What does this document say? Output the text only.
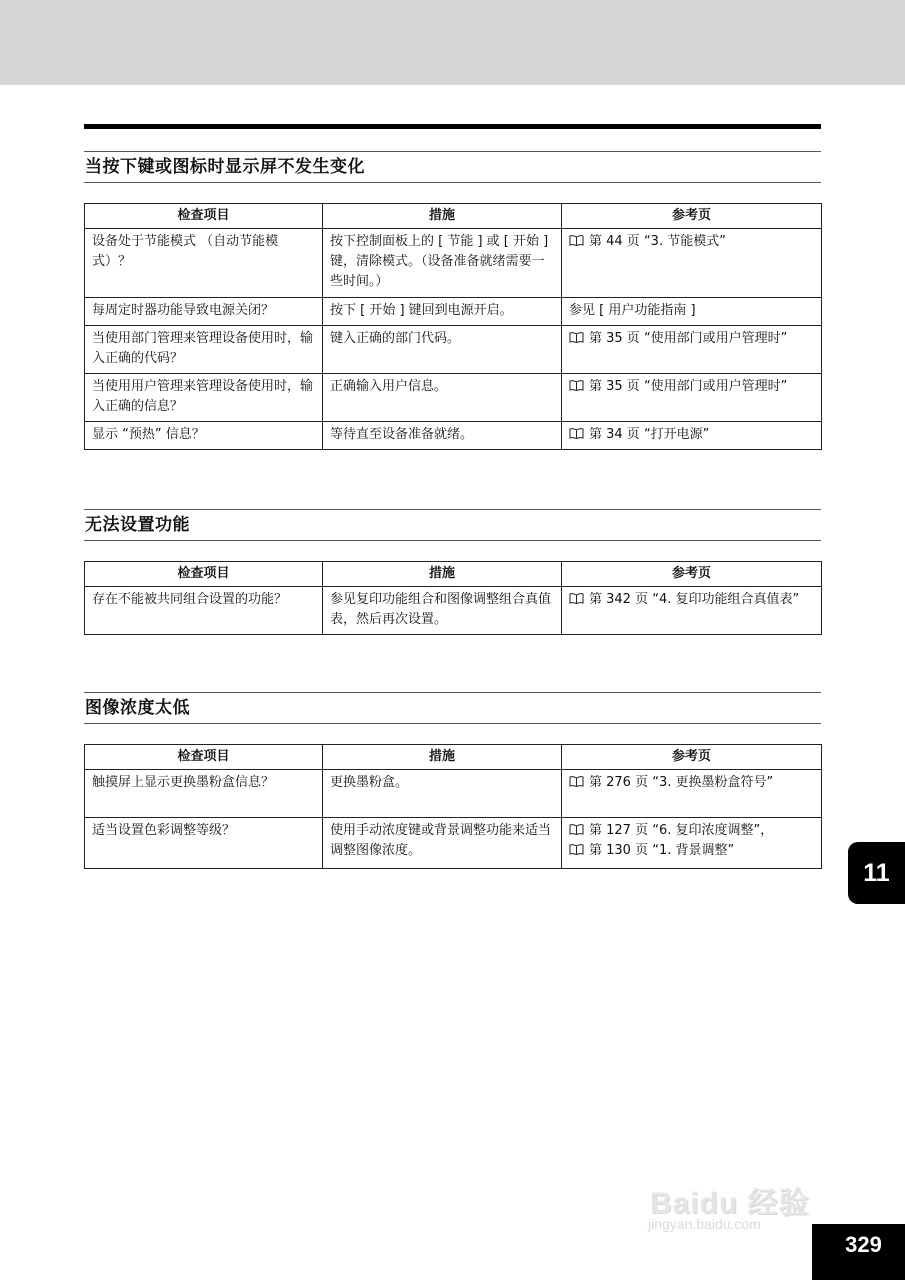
当按下键或图标时显示屏不发生变化
检查项目	措施	参考页
设备处于节能模式 （自动节能模式）？	按下控制面板上的 [ 节能 ] 或 [ 开始 ] 键，清除模式。（设备准备就绪需要一些时间。）	第 44 页 “3. 节能模式”
每周定时器功能导致电源关闭？	按下 [ 开始 ] 键回到电源开启。	参见 [ 用户功能指南 ]
当使用部门管理来管理设备使用时，输入正确的代码？	键入正确的部门代码。	第 35 页 “使用部门或用户管理时”
当使用用户管理来管理设备使用时，输入正确的信息？	正确输入用户信息。	第 35 页 “使用部门或用户管理时”
显示 “预热” 信息？	等待直至设备准备就绪。	第 34 页 “打开电源”
无法设置功能
检查项目	措施	参考页
存在不能被共同组合设置的功能？	参见复印功能组合和图像调整组合真值表，然后再次设置。	第 342 页 “4. 复印功能组合真值表”
图像浓度太低
检查项目	措施	参考页
触摸屏上显示更换墨粉盒信息？	更换墨粉盒。	第 276 页 “3. 更换墨粉盒符号”
适当设置色彩调整等级？	使用手动浓度键或背景调整功能来适当调整图像浓度。	第 127 页 “6. 复印浓度调整”，
第 130 页 “1. 背景调整”
11
Baidu 经验
jingyan.baidu.com
329
